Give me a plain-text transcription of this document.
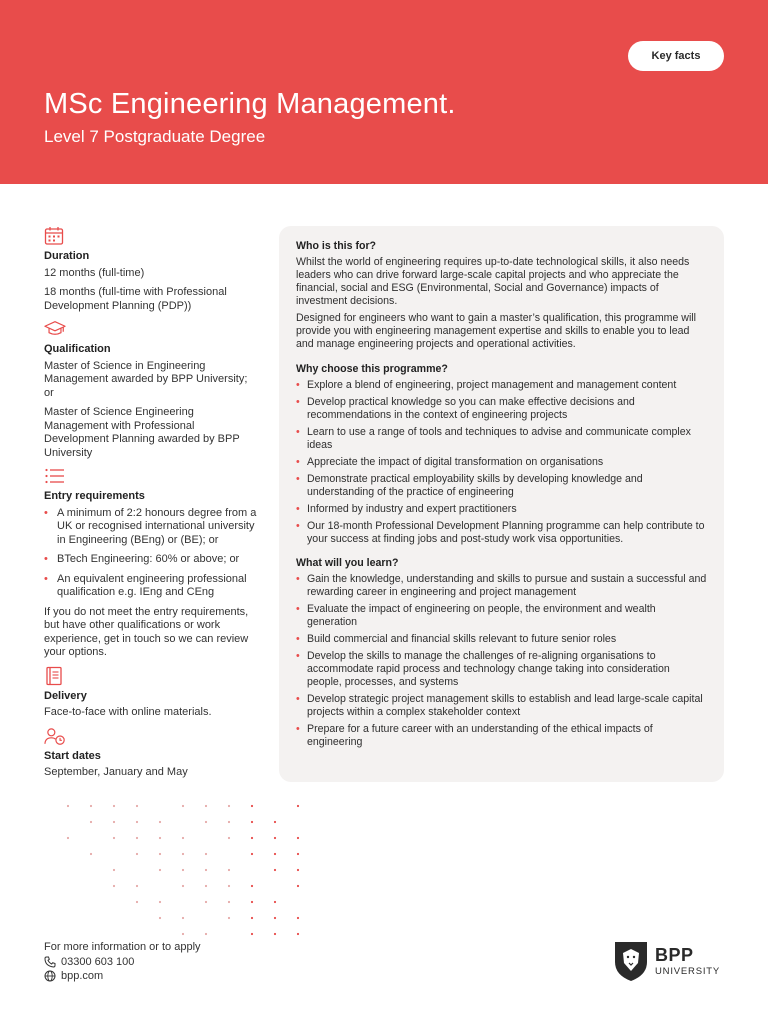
MSc Engineering Management.
Level 7 Postgraduate Degree
Key facts
Duration

12 months (full-time)

18 months (full-time with Professional Development Planning (PDP))

Qualification

Master of Science in Engineering Management awarded by BPP University; or

Master of Science Engineering Management with Professional Development Planning awarded by BPP University

Entry requirements
• A minimum of 2:2 honours degree from a UK or recognised international university in Engineering (BEng) or (BE); or
• BTech Engineering: 60% or above; or
• An equivalent engineering professional qualification e.g. IEng and CEng

If you do not meet the entry requirements, but have other qualifications or work experience, get in touch so we can review your options.

Delivery

Face-to-face with online materials.

Start dates

September, January and May

Who is this for?

Whilst the world of engineering requires up-to-date technological skills, it also needs leaders who can drive forward large-scale capital projects and who appreciate the financial, social and ESG (Environmental, Social and Governance) impacts of investment decisions.

Designed for engineers who want to gain a master’s qualification, this programme will provide you with engineering management expertise and skills to enable you to lead and manage engineering projects and operational activities.

Why choose this programme?
• Explore a blend of engineering, project management and management content
• Develop practical knowledge so you can make effective decisions and recommendations in the context of engineering projects
• Learn to use a range of tools and techniques to advise and communicate complex ideas
• Appreciate the impact of digital transformation on organisations
• Demonstrate practical employability skills by developing knowledge and understanding of the practice of engineering
• Informed by industry and expert practitioners
• Our 18-month Professional Development Planning programme can help contribute to your success at finding jobs and post-study work visa opportunities.
What will you learn?
• Gain the knowledge, understanding and skills to pursue and sustain a successful and rewarding career in engineering and project management
• Evaluate the impact of engineering on people, the environment and wealth generation
• Build commercial and financial skills relevant to future senior roles
• Develop the skills to manage the challenges of re-aligning organisations to accommodate rapid process and technology change taking into consideration people, processes, and systems
• Develop strategic project management skills to establish and lead large-scale capital projects within a complex stakeholder context
• Prepare for a future career with an understanding of the ethical impacts of engineering
For more information or to apply
03300 603 100
bpp.com
BPP
UNIVERSITY
